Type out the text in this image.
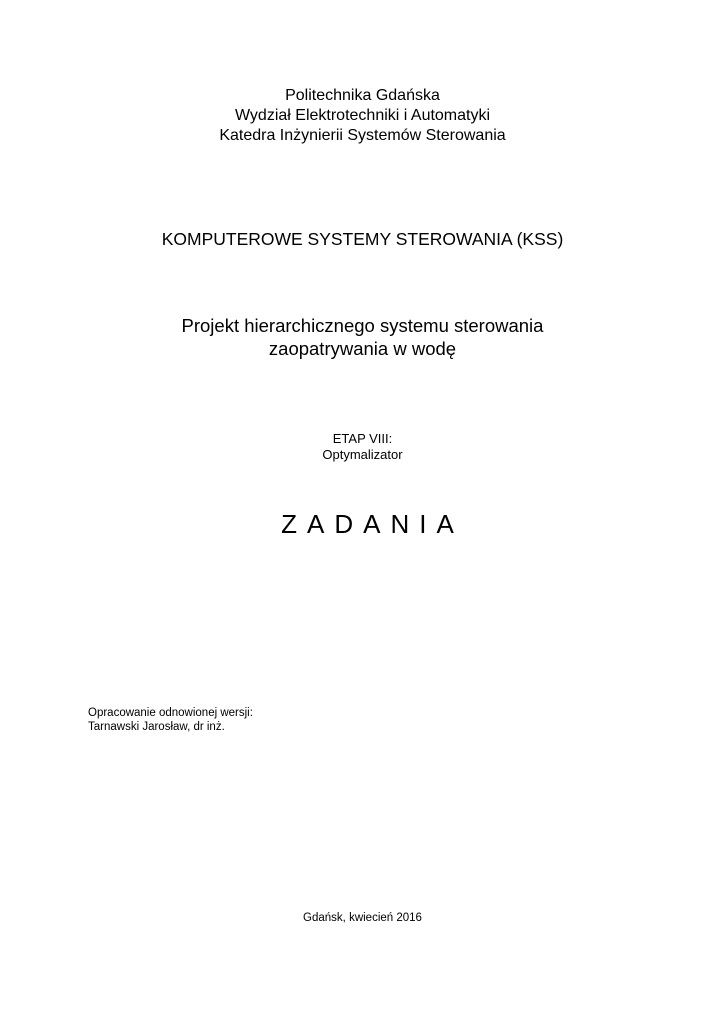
Politechnika Gdańska
Wydział Elektrotechniki i Automatyki
Katedra Inżynierii Systemów Sterowania
KOMPUTEROWE SYSTEMY STEROWANIA (KSS)
Projekt hierarchicznego systemu sterowania
zaopatrywania w wodę
ETAP VIII:
Optymalizator
ZADANIA
Opracowanie odnowionej wersji:
Tarnawski Jarosław, dr inż.
Gdańsk, kwiecień 2016
